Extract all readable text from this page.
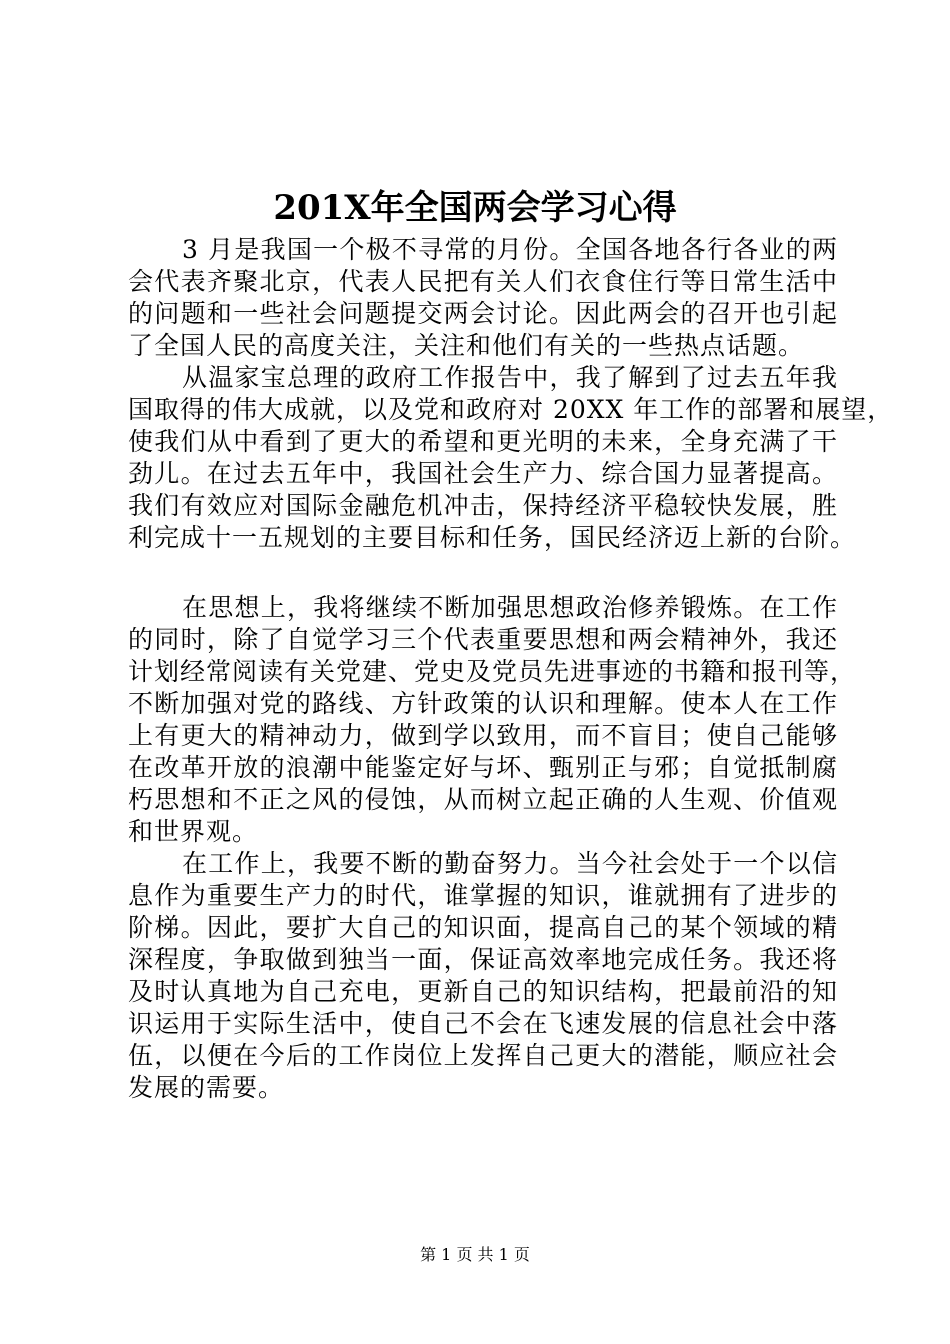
201X年全国两会学习心得
3 月是我国一个极不寻常的月份。全国各地各行各业的两
会代表齐聚北京，代表人民把有关人们衣食住行等日常生活中
的问题和一些社会问题提交两会讨论。因此两会的召开也引起
了全国人民的高度关注，关注和他们有关的一些热点话题。
从温家宝总理的政府工作报告中，我了解到了过去五年我
国取得的伟大成就，以及党和政府对 20XX 年工作的部署和展望，
使我们从中看到了更大的希望和更光明的未来，全身充满了干
劲儿。在过去五年中，我国社会生产力、综合国力显著提高。
我们有效应对国际金融危机冲击，保持经济平稳较快发展，胜
利完成十一五规划的主要目标和任务，国民经济迈上新的台阶。
在思想上，我将继续不断加强思想政治修养锻炼。在工作
的同时，除了自觉学习三个代表重要思想和两会精神外，我还
计划经常阅读有关党建、党史及党员先进事迹的书籍和报刊等，
不断加强对党的路线、方针政策的认识和理解。使本人在工作
上有更大的精神动力，做到学以致用，而不盲目；使自己能够
在改革开放的浪潮中能鉴定好与坏、甄别正与邪；自觉抵制腐
朽思想和不正之风的侵蚀，从而树立起正确的人生观、价值观
和世界观。
在工作上，我要不断的勤奋努力。当今社会处于一个以信
息作为重要生产力的时代，谁掌握的知识，谁就拥有了进步的
阶梯。因此，要扩大自己的知识面，提高自己的某个领域的精
深程度，争取做到独当一面，保证高效率地完成任务。我还将
及时认真地为自己充电，更新自己的知识结构，把最前沿的知
识运用于实际生活中，使自己不会在飞速发展的信息社会中落
伍，以便在今后的工作岗位上发挥自己更大的潜能，顺应社会
发展的需要。
第 1 页 共 1 页
